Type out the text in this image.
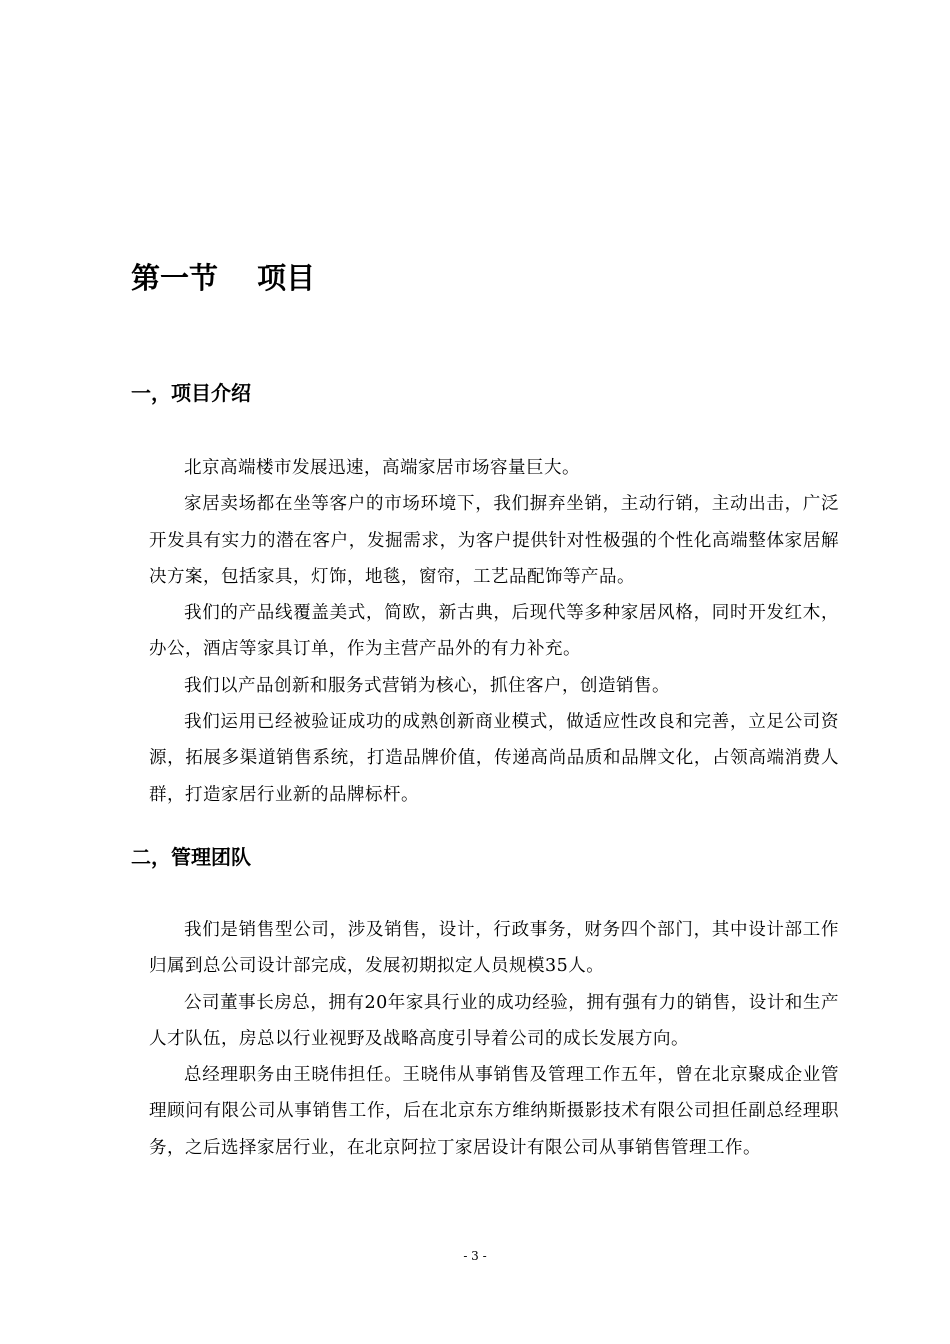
第一节　 项目
一，项目介绍

北京高端楼市发展迅速，高端家居市场容量巨大。

家居卖场都在坐等客户的市场环境下，我们摒弃坐销，主动行销，主动出击，广泛开发具有实力的潜在客户，发掘需求，为客户提供针对性极强的个性化高端整体家居解决方案，包括家具，灯饰，地毯，窗帘，工艺品配饰等产品。

我们的产品线覆盖美式，简欧，新古典，后现代等多种家居风格，同时开发红木，办公，酒店等家具订单，作为主营产品外的有力补充。

我们以产品创新和服务式营销为核心，抓住客户，创造销售。

我们运用已经被验证成功的成熟创新商业模式，做适应性改良和完善，立足公司资源，拓展多渠道销售系统，打造品牌价值，传递高尚品质和品牌文化，占领高端消费人群，打造家居行业新的品牌标杆。

二，管理团队

我们是销售型公司，涉及销售，设计，行政事务，财务四个部门，其中设计部工作归属到总公司设计部完成，发展初期拟定人员规模35人。

公司董事长房总，拥有20年家具行业的成功经验，拥有强有力的销售，设计和生产人才队伍，房总以行业视野及战略高度引导着公司的成长发展方向。

总经理职务由王晓伟担任。王晓伟从事销售及管理工作五年，曾在北京聚成企业管理顾问有限公司从事销售工作，后在北京东方维纳斯摄影技术有限公司担任副总经理职务，之后选择家居行业，在北京阿拉丁家居设计有限公司从事销售管理工作。

- 3 -
